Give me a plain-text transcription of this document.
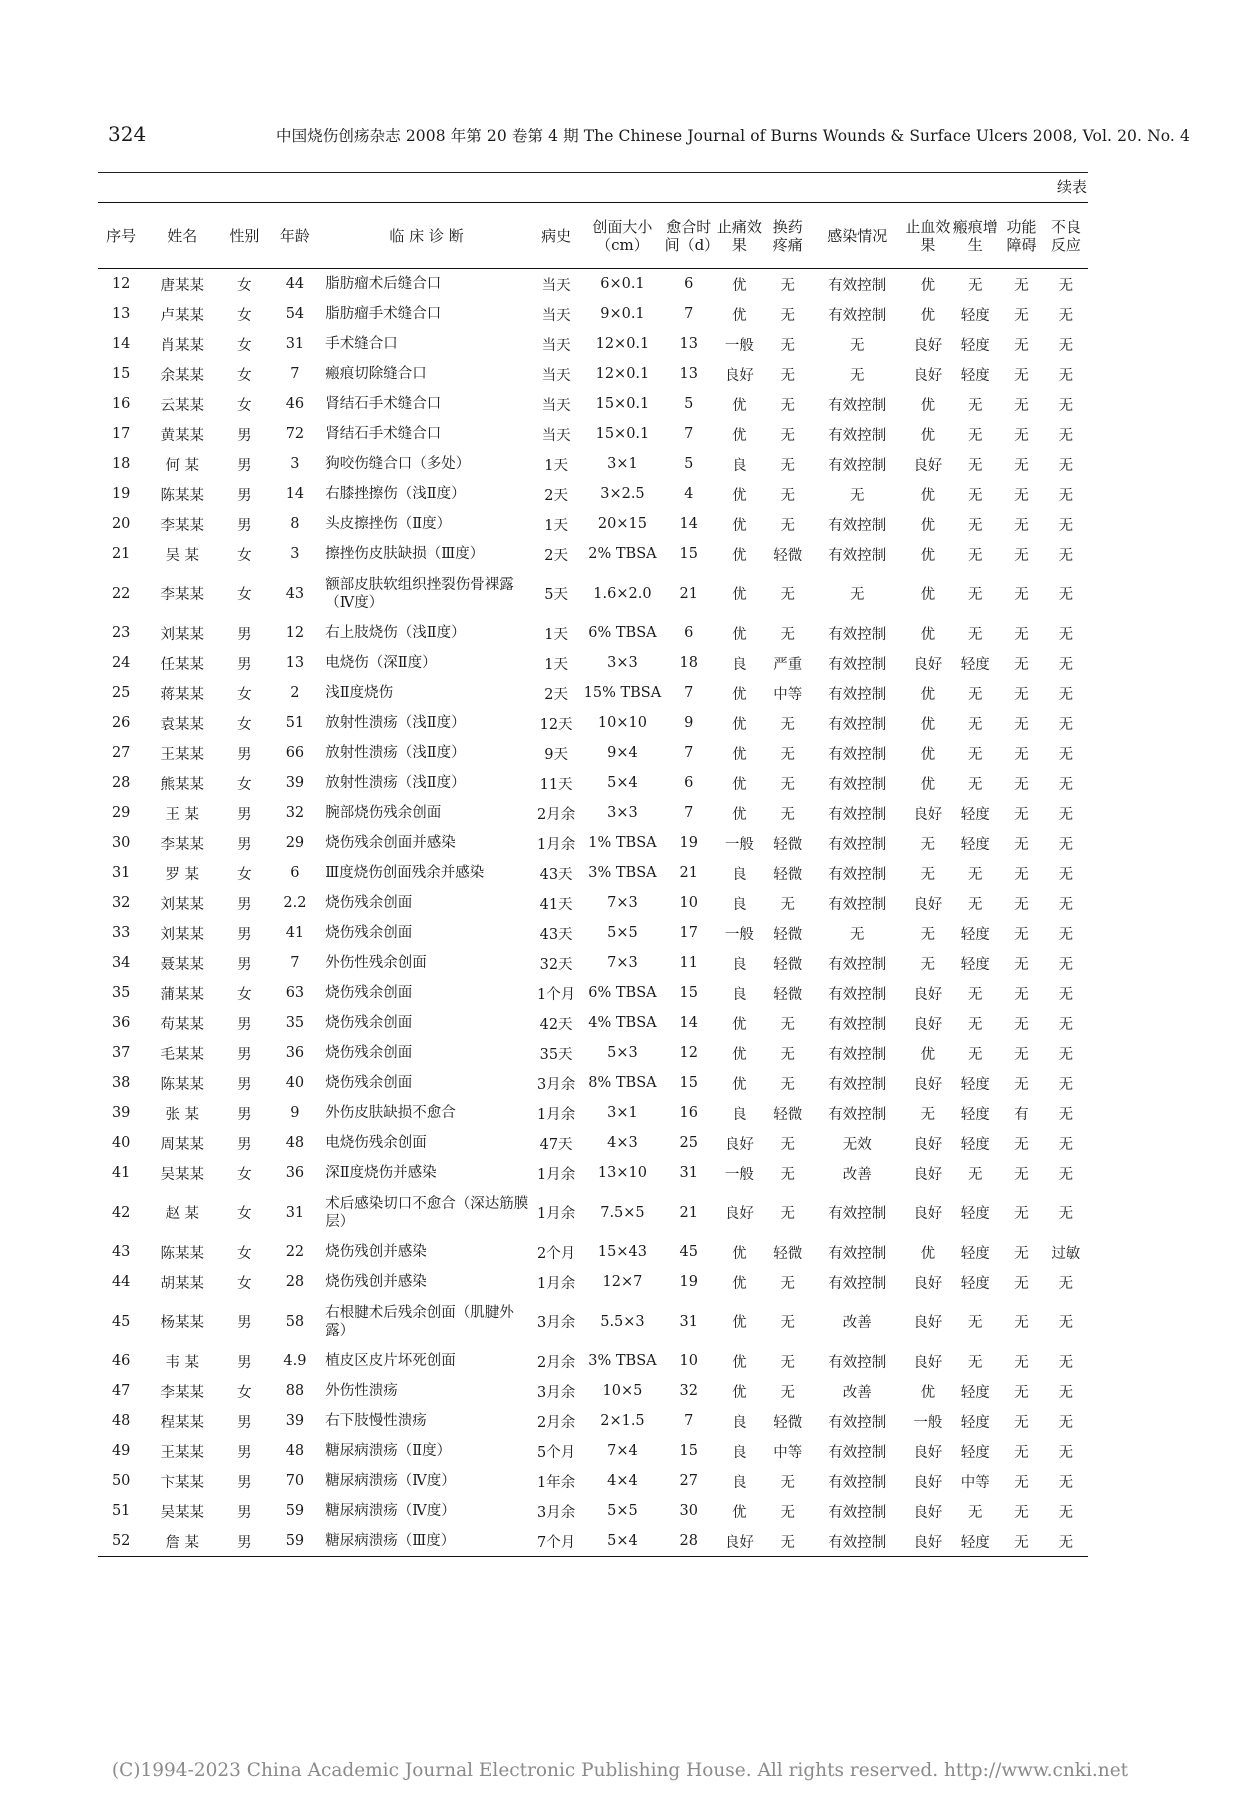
324	中国烧伤创疡杂志 2008 年第 20 卷第 4 期 The Chinese Journal of Burns Wounds & Surface Ulcers 2008, Vol. 20. No. 4
续表
序号	姓名	性别	年龄	临 床 诊 断	病史	创面大小（cm）	愈合时间（d）	止痛效果	换药疼痛	感染情况	止血效果	瘢痕增生	功能障碍	不良反应
12	唐某某	女	44	脂肪瘤术后缝合口	当天	6×0.1	6	优	无	有效控制	优	无	无	无
13	卢某某	女	54	脂肪瘤手术缝合口	当天	9×0.1	7	优	无	有效控制	优	轻度	无	无
14	肖某某	女	31	手术缝合口	当天	12×0.1	13	一般	无	无	良好	轻度	无	无
15	余某某	女	7	瘢痕切除缝合口	当天	12×0.1	13	良好	无	无	良好	轻度	无	无
16	云某某	女	46	肾结石手术缝合口	当天	15×0.1	5	优	无	有效控制	优	无	无	无
17	黄某某	男	72	肾结石手术缝合口	当天	15×0.1	7	优	无	有效控制	优	无	无	无
18	何 某	男	3	狗咬伤缝合口（多处）	1天	3×1	5	良	无	有效控制	良好	无	无	无
19	陈某某	男	14	右膝挫擦伤（浅Ⅱ度）	2天	3×2.5	4	优	无	无	优	无	无	无
20	李某某	男	8	头皮擦挫伤（Ⅱ度）	1天	20×15	14	优	无	有效控制	优	无	无	无
21	吴 某	女	3	擦挫伤皮肤缺损（Ⅲ度）	2天	2% TBSA	15	优	轻微	有效控制	优	无	无	无
22	李某某	女	43	额部皮肤软组织挫裂伤骨裸露（Ⅳ度）	5天	1.6×2.0	21	优	无	无	优	无	无	无
23	刘某某	男	12	右上肢烧伤（浅Ⅱ度）	1天	6% TBSA	6	优	无	有效控制	优	无	无	无
24	任某某	男	13	电烧伤（深Ⅱ度）	1天	3×3	18	良	严重	有效控制	良好	轻度	无	无
25	蒋某某	女	2	浅Ⅱ度烧伤	2天	15% TBSA	7	优	中等	有效控制	优	无	无	无
26	袁某某	女	51	放射性溃疡（浅Ⅱ度）	12天	10×10	9	优	无	有效控制	优	无	无	无
27	王某某	男	66	放射性溃疡（浅Ⅱ度）	9天	9×4	7	优	无	有效控制	优	无	无	无
28	熊某某	女	39	放射性溃疡（浅Ⅱ度）	11天	5×4	6	优	无	有效控制	优	无	无	无
29	王 某	男	32	腕部烧伤残余创面	2月余	3×3	7	优	无	有效控制	良好	轻度	无	无
30	李某某	男	29	烧伤残余创面并感染	1月余	1% TBSA	19	一般	轻微	有效控制	无	轻度	无	无
31	罗 某	女	6	Ⅲ度烧伤创面残余并感染	43天	3% TBSA	21	良	轻微	有效控制	无	无	无	无
32	刘某某	男	2.2	烧伤残余创面	41天	7×3	10	良	无	有效控制	良好	无	无	无
33	刘某某	男	41	烧伤残余创面	43天	5×5	17	一般	轻微	无	无	轻度	无	无
34	聂某某	男	7	外伤性残余创面	32天	7×3	11	良	轻微	有效控制	无	轻度	无	无
35	蒲某某	女	63	烧伤残余创面	1个月	6% TBSA	15	良	轻微	有效控制	良好	无	无	无
36	苟某某	男	35	烧伤残余创面	42天	4% TBSA	14	优	无	有效控制	良好	无	无	无
37	毛某某	男	36	烧伤残余创面	35天	5×3	12	优	无	有效控制	优	无	无	无
38	陈某某	男	40	烧伤残余创面	3月余	8% TBSA	15	优	无	有效控制	良好	轻度	无	无
39	张 某	男	9	外伤皮肤缺损不愈合	1月余	3×1	16	良	轻微	有效控制	无	轻度	有	无
40	周某某	男	48	电烧伤残余创面	47天	4×3	25	良好	无	无效	良好	轻度	无	无
41	吴某某	女	36	深Ⅱ度烧伤并感染	1月余	13×10	31	一般	无	改善	良好	无	无	无
42	赵 某	女	31	术后感染切口不愈合（深达筋膜层）	1月余	7.5×5	21	良好	无	有效控制	良好	轻度	无	无
43	陈某某	女	22	烧伤残创并感染	2个月	15×43	45	优	轻微	有效控制	优	轻度	无	过敏
44	胡某某	女	28	烧伤残创并感染	1月余	12×7	19	优	无	有效控制	良好	轻度	无	无
45	杨某某	男	58	右根腱术后残余创面（肌腱外露）	3月余	5.5×3	31	优	无	改善	良好	无	无	无
46	韦 某	男	4.9	植皮区皮片坏死创面	2月余	3% TBSA	10	优	无	有效控制	良好	无	无	无
47	李某某	女	88	外伤性溃疡	3月余	10×5	32	优	无	改善	优	轻度	无	无
48	程某某	男	39	右下肢慢性溃疡	2月余	2×1.5	7	良	轻微	有效控制	一般	轻度	无	无
49	王某某	男	48	糖尿病溃疡（Ⅱ度）	5个月	7×4	15	良	中等	有效控制	良好	轻度	无	无
50	卞某某	男	70	糖尿病溃疡（Ⅳ度）	1年余	4×4	27	良	无	有效控制	良好	中等	无	无
51	吴某某	男	59	糖尿病溃疡（Ⅳ度）	3月余	5×5	30	优	无	有效控制	良好	无	无	无
52	詹 某	男	59	糖尿病溃疡（Ⅲ度）	7个月	5×4	28	良好	无	有效控制	良好	轻度	无	无
(C)1994-2023 China Academic Journal Electronic Publishing House. All rights reserved. http://www.cnki.net
